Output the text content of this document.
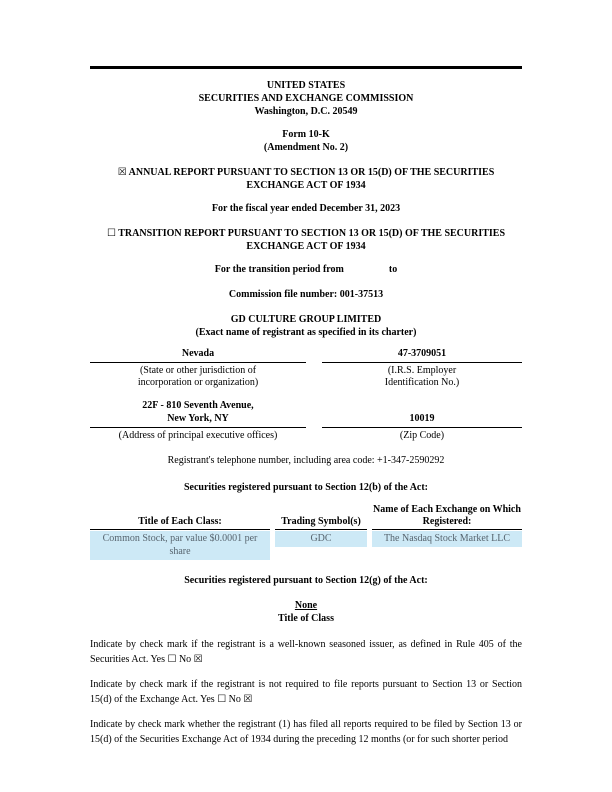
UNITED STATES
SECURITIES AND EXCHANGE COMMISSION
Washington, D.C. 20549
Form 10-K
(Amendment No. 2)

☒ ANNUAL REPORT PURSUANT TO SECTION 13 OR 15(D) OF THE SECURITIES EXCHANGE ACT OF 1934

For the fiscal year ended December 31, 2023

☐ TRANSITION REPORT PURSUANT TO SECTION 13 OR 15(D) OF THE SECURITIES EXCHANGE ACT OF 1934

For the transition period from	to

Commission file number: 001-37513

GD CULTURE GROUP LIMITED
(Exact name of registrant as specified in its charter)
Nevada
(State or other jurisdiction of incorporation or organization)
47-3709051
(I.R.S. Employer Identification No.)
22F - 810 Seventh Avenue,
New York, NY
(Address of principal executive offices)
10019
(Zip Code)

Registrant's telephone number, including area code: +1-347-2590292

Securities registered pursuant to Section 12(b) of the Act:

Title of Each Class:
Common Stock, par value $0.0001 per share
Trading Symbol(s)
GDC
Name of Each Exchange on Which Registered:
The Nasdaq Stock Market LLC

Securities registered pursuant to Section 12(g) of the Act:

None

Title of Class

Indicate by check mark if the registrant is a well-known seasoned issuer, as defined in Rule 405 of the Securities Act. Yes ☐ No ☒

Indicate by check mark if the registrant is not required to file reports pursuant to Section 13 or Section 15(d) of the Exchange Act. Yes ☐ No ☒

Indicate by check mark whether the registrant (1) has filed all reports required to be filed by Section 13 or 15(d) of the Securities Exchange Act of 1934 during the preceding 12 months (or for such shorter period
